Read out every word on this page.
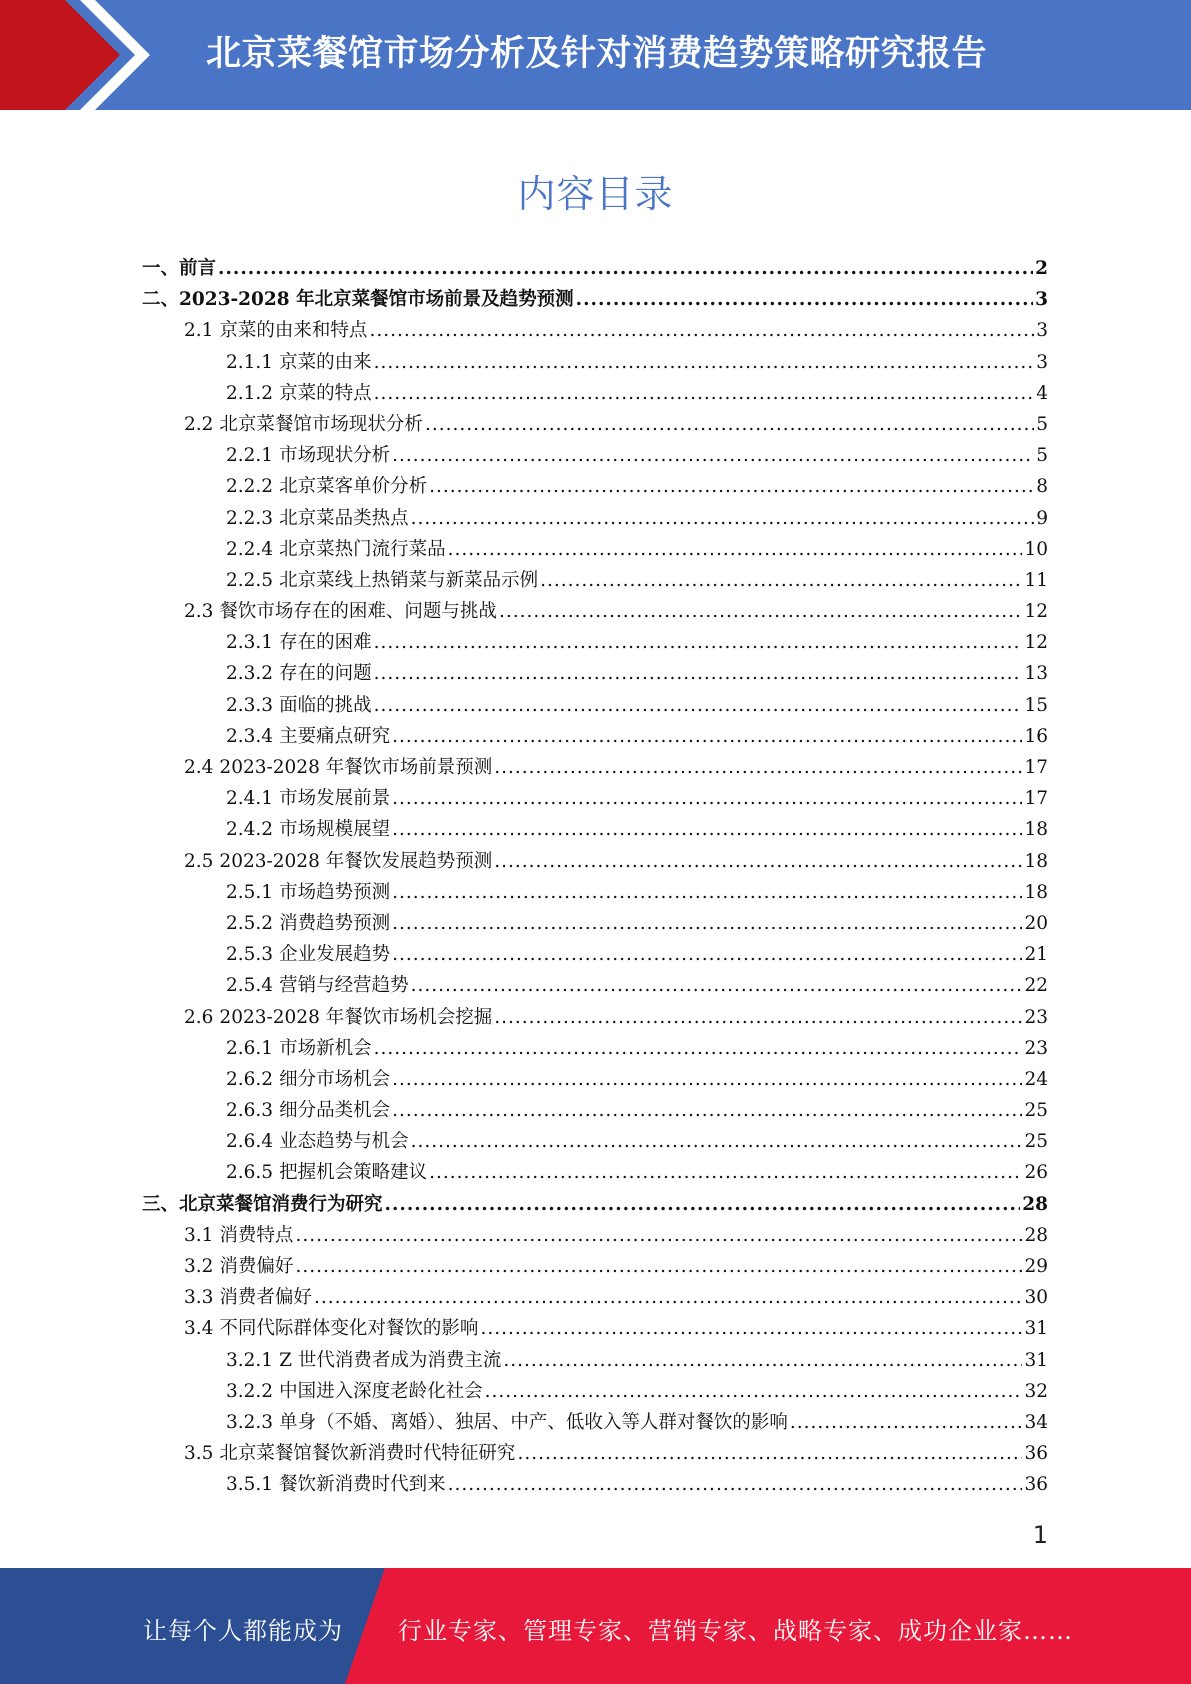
北京菜餐馆市场分析及针对消费趋势策略研究报告
内容目录
一、 前言 .....	2
二、 2023-2028 年北京菜餐馆市场前景及趋势预测 .....	3
2.1 京菜的由来和特点 .....	3
2.1.1 京菜的由来 .....	3
2.1.2 京菜的特点 .....	4
2.2 北京菜餐馆市场现状分析 .....	5
2.2.1 市场现状分析 .....	5
2.2.2 北京菜客单价分析 .....	8
2.2.3 北京菜品类热点 .....	9
2.2.4 北京菜热门流行菜品 .....	10
2.2.5 北京菜线上热销菜与新菜品示例 .....	11
2.3 餐饮市场存在的困难、问题与挑战 .....	12
2.3.1 存在的困难 .....	12
2.3.2 存在的问题 .....	13
2.3.3 面临的挑战 .....	15
2.3.4 主要痛点研究 .....	16
2.4 2023-2028 年餐饮市场前景预测 .....	17
2.4.1 市场发展前景 .....	17
2.4.2 市场规模展望 .....	18
2.5 2023-2028 年餐饮发展趋势预测 .....	18
2.5.1 市场趋势预测 .....	18
2.5.2 消费趋势预测 .....	20
2.5.3 企业发展趋势 .....	21
2.5.4 营销与经营趋势 .....	22
2.6 2023-2028 年餐饮市场机会挖掘 .....	23
2.6.1 市场新机会 .....	23
2.6.2 细分市场机会 .....	24
2.6.3 细分品类机会 .....	25
2.6.4 业态趋势与机会 .....	25
2.6.5 把握机会策略建议 .....	26
三、 北京菜餐馆消费行为研究 .....	28
3.1 消费特点 .....	28
3.2 消费偏好 .....	29
3.3 消费者偏好 .....	30
3.4 不同代际群体变化对餐饮的影响 .....	31
3.2.1 Z 世代消费者成为消费主流 .....	31
3.2.2 中国进入深度老龄化社会 .....	32
3.2.3 单身（不婚、离婚）、独居、中产、低收入等人群对餐饮的影响 .....	34
3.5 北京菜餐馆餐饮新消费时代特征研究 .....	36
3.5.1 餐饮新消费时代到来 .....	36
1
让每个人都能成为 行业专家、管理专家、营销专家、战略专家、成功企业家……
